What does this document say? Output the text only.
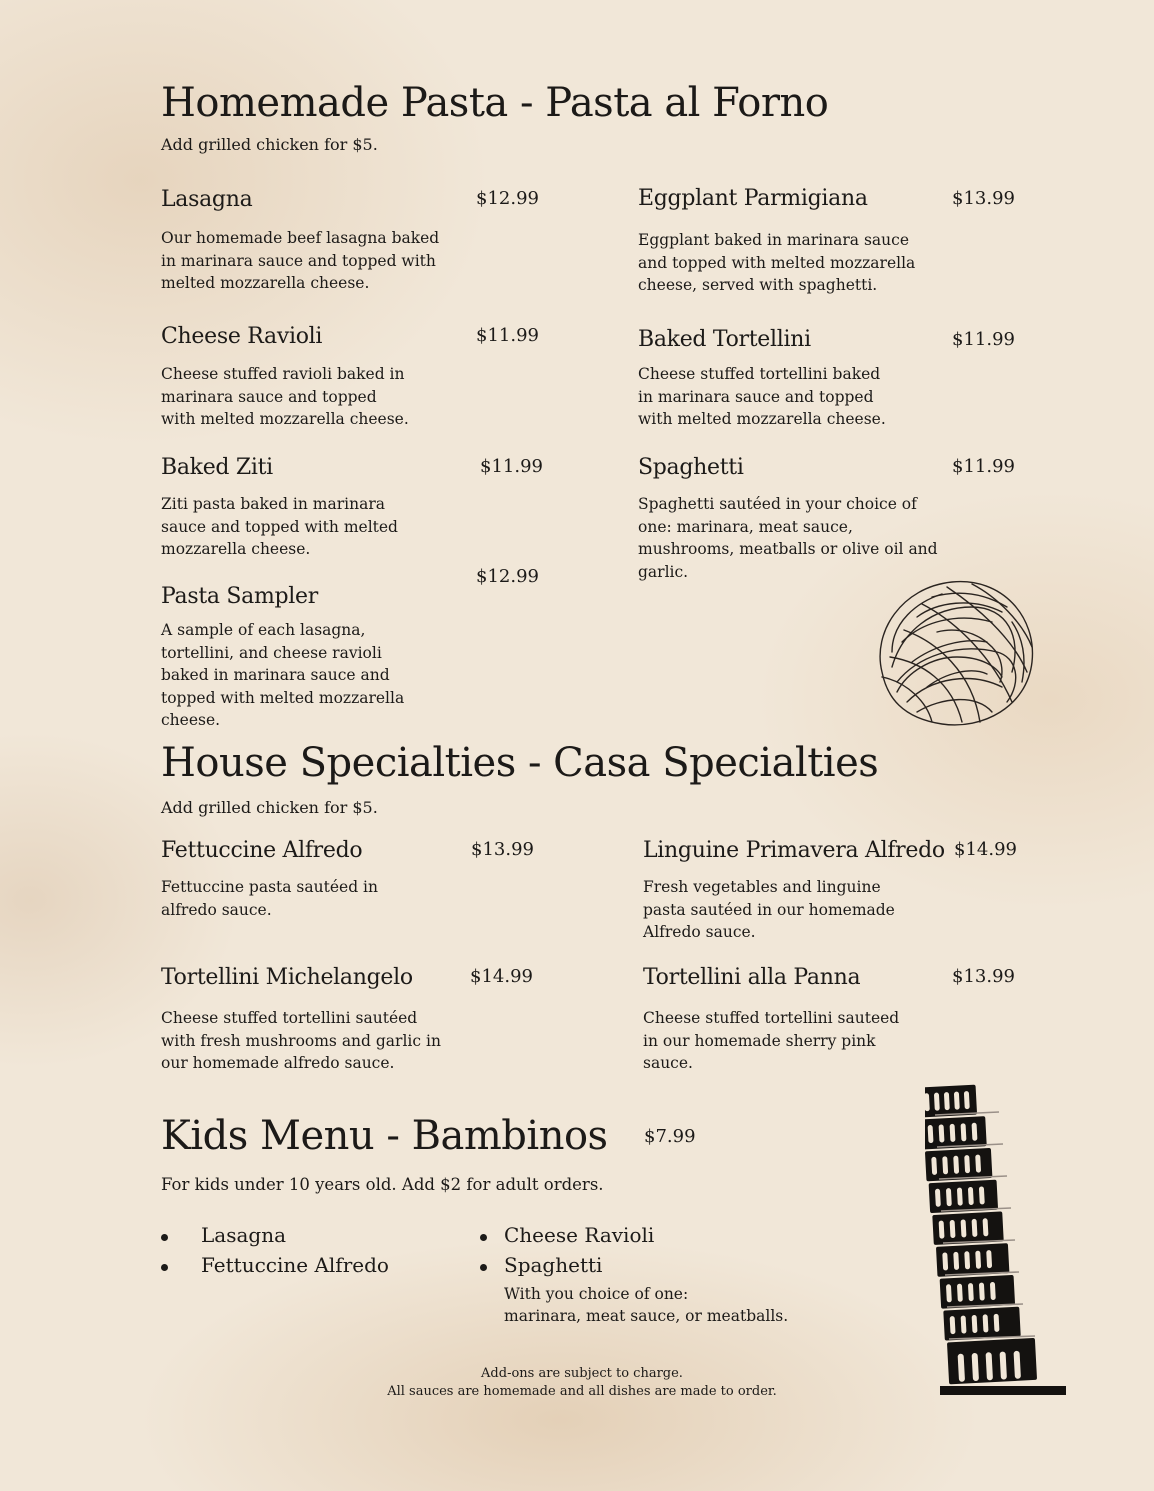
Homemade Pasta - Pasta al Forno
Add grilled chicken for $5.
Lasagna	$12.99
Our homemade beef lasagna baked in marinara sauce and topped with melted mozzarella cheese.
Eggplant Parmigiana	$13.99
Eggplant baked in marinara sauce and topped with melted mozzarella cheese, served with spaghetti.
Cheese Ravioli	$11.99
Cheese stuffed ravioli baked in marinara sauce and topped with melted mozzarella cheese.
Baked Tortellini	$11.99
Cheese stuffed tortellini baked in marinara sauce and topped with melted mozzarella cheese.
Baked Ziti	$11.99
Ziti pasta baked in marinara sauce and topped with melted mozzarella cheese.
Spaghetti	$11.99
Spaghetti sautéed in your choice of one: marinara, meat sauce, mushrooms, meatballs or olive oil and garlic.
$12.99
Pasta Sampler
A sample of each lasagna, tortellini, and cheese ravioli baked in marinara sauce and topped with melted mozzarella cheese.
House Specialties - Casa Specialties
Add grilled chicken for $5.
Fettuccine Alfredo	$13.99
Fettuccine pasta sautéed in alfredo sauce.
Linguine Primavera Alfredo $14.99
Fresh vegetables and linguine pasta sautéed in our homemade Alfredo sauce.
Tortellini Michelangelo	$14.99
Cheese stuffed tortellini sautéed with fresh mushrooms and garlic in our homemade alfredo sauce.
Tortellini alla Panna	$13.99
Cheese stuffed tortellini sauteed in our homemade sherry pink sauce.
Kids Menu - Bambinos $7.99
For kids under 10 years old. Add $2 for adult orders.
Lasagna
Fettuccine Alfredo
Cheese Ravioli
Spaghetti
With you choice of one:
marinara, meat sauce, or meatballs.
Add-ons are subject to charge.
All sauces are homemade and all dishes are made to order.
